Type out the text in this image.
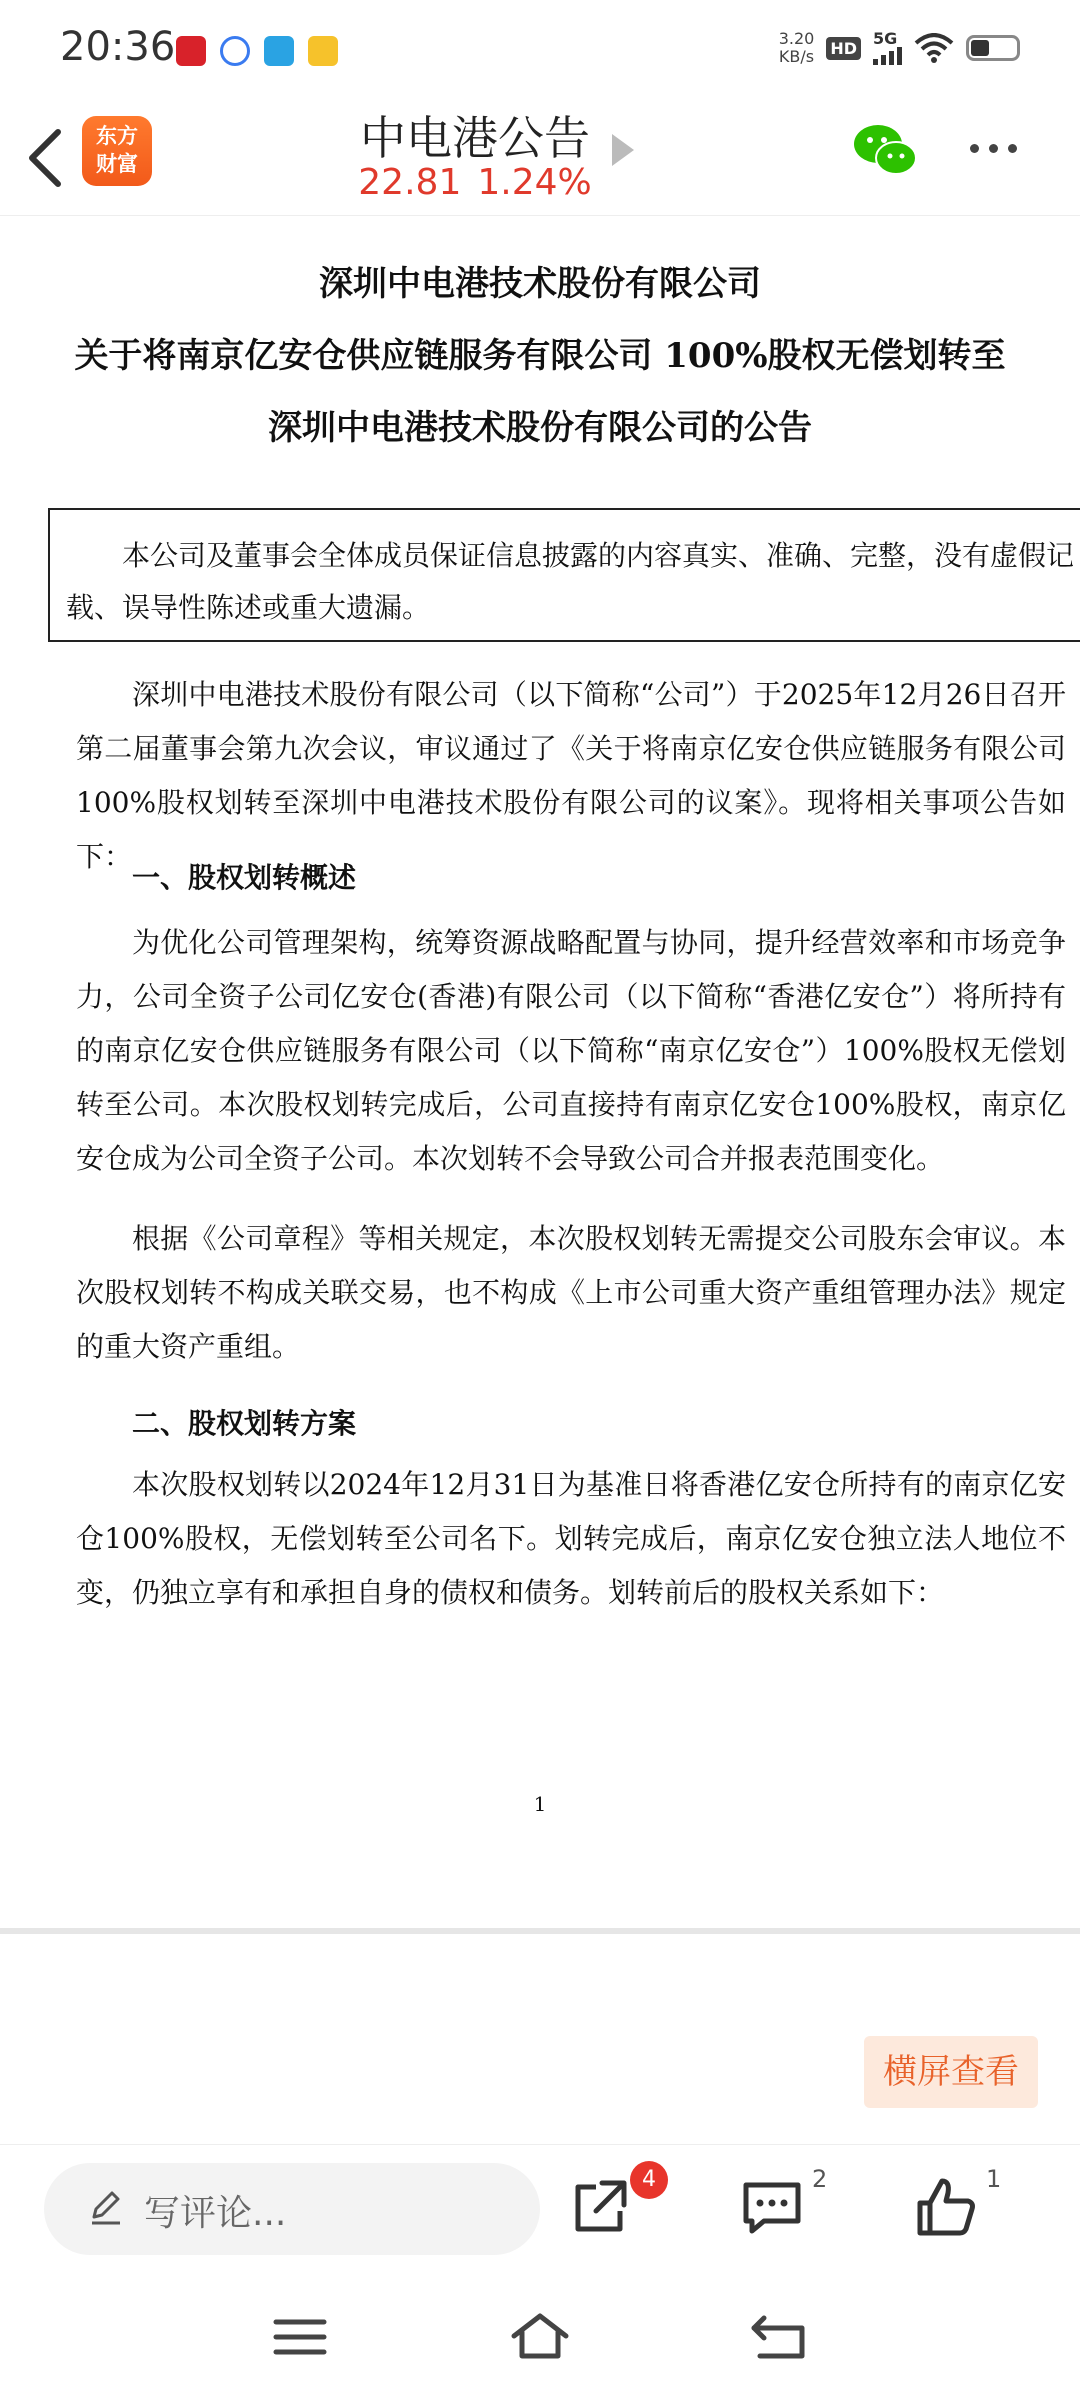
20:36	3.20
KB/s HD 5G
东方
财富	中电港公告
22.81 1.24%
深圳中电港技术股份有限公司
关于将南京亿安仓供应链服务有限公司 100%股权无偿划转至
深圳中电港技术股份有限公司的公告
本公司及董事会全体成员保证信息披露的内容真实、准确、完整，没有虚假记载、误导性陈述或重大遗漏。
深圳中电港技术股份有限公司（以下简称“公司”）于2025年12月26日召开第二届董事会第九次会议，审议通过了《关于将南京亿安仓供应链服务有限公司100%股权划转至深圳中电港技术股份有限公司的议案》。现将相关事项公告如下：
一、股权划转概述
为优化公司管理架构，统筹资源战略配置与协同，提升经营效率和市场竞争力，公司全资子公司亿安仓(香港)有限公司（以下简称“香港亿安仓”）将所持有的南京亿安仓供应链服务有限公司（以下简称“南京亿安仓”）100%股权无偿划转至公司。本次股权划转完成后，公司直接持有南京亿安仓100%股权，南京亿安仓成为公司全资子公司。本次划转不会导致公司合并报表范围变化。
根据《公司章程》等相关规定，本次股权划转无需提交公司股东会审议。本次股权划转不构成关联交易，也不构成《上市公司重大资产重组管理办法》规定的重大资产重组。
二、股权划转方案
本次股权划转以2024年12月31日为基准日将香港亿安仓所持有的南京亿安仓100%股权，无偿划转至公司名下。划转完成后，南京亿安仓独立法人地位不变，仍独立享有和承担自身的债权和债务。划转前后的股权关系如下：
1
横屏查看
写评论...
4	2	1
